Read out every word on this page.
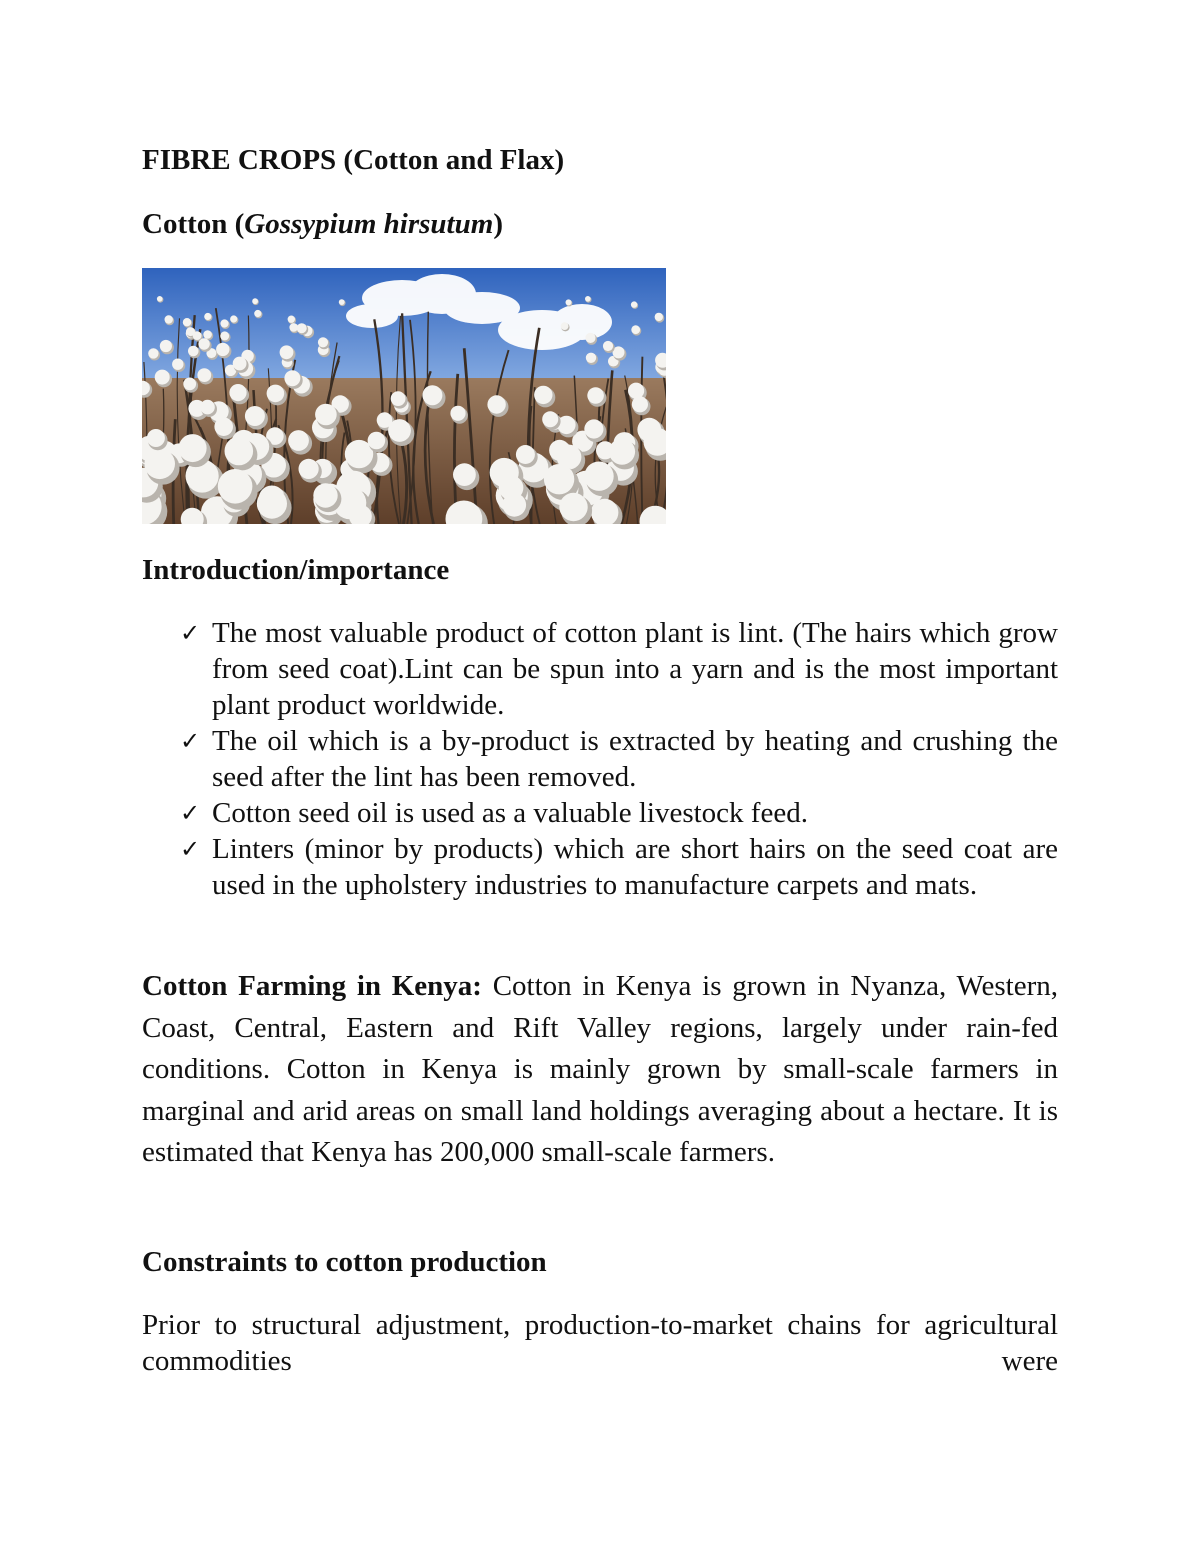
FIBRE CROPS (Cotton and Flax)
Cotton (Gossypium hirsutum)
Introduction/importance
✓ The most valuable product of cotton plant is lint. (The hairs which grow from seed coat).Lint can be spun into a yarn and is the most important plant product worldwide.
✓ The oil which is a by-product is extracted by heating and crushing the seed after the lint has been removed.
✓ Cotton seed oil is used as a valuable livestock feed.
✓ Linters (minor by products) which are short hairs on the seed coat are used in the upholstery industries to manufacture carpets and mats.

Cotton Farming in Kenya: Cotton in Kenya is grown in Nyanza, Western, Coast, Central, Eastern and Rift Valley regions, largely under rain-fed conditions. Cotton in Kenya is mainly grown by small-scale farmers in marginal and arid areas on small land holdings averaging about a hectare. It is estimated that Kenya has 200,000 small-scale farmers.

Constraints to cotton production

Prior to structural adjustment, production-to-market chains for agricultural commodities were
